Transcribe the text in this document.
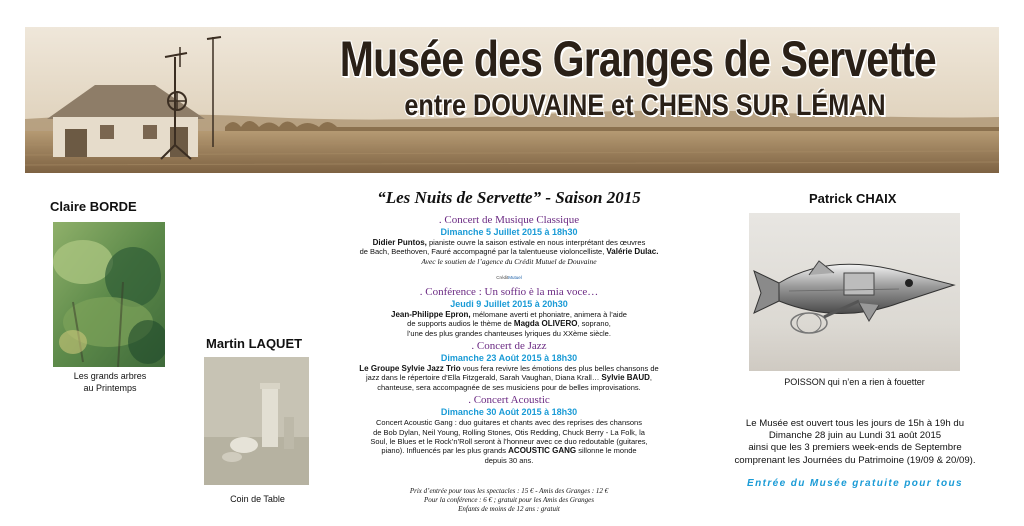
Musée des Granges de Servette
entre DOUVAINE et CHENS SUR LÉMAN
Claire BORDE
Les grands arbres
au Printemps
Martin LAQUET
Coin de Table
“Les Nuits de Servette” - Saison 2015
. Concert de Musique Classique
Dimanche 5 Juillet 2015 à 18h30
Didier Puntos, pianiste ouvre la saison estivale en nous interprétant des œuvres
de Bach, Beethoven, Fauré accompagné par la talentueuse violoncelliste, Valérie Dulac.
Avec le soutien de l’agence du Crédit Mutuel de Douvaine
CréditMutuel
. Conférence : Un soffio è la mia voce…
Jeudi 9 Juillet 2015 à 20h30
Jean-Philippe Epron, mélomane averti et phoniatre, animera à l’aide
de supports audios le thème de Magda OLIVERO, soprano,
l’une des plus grandes chanteuses lyriques du XXème siècle.
. Concert de Jazz
Dimanche 23 Août 2015 à 18h30
Le Groupe Sylvie Jazz Trio vous fera revivre les émotions des plus belles chansons de
jazz dans le répertoire d’Ella Fitzgerald, Sarah Vaughan, Diana Krall… Sylvie BAUD,
chanteuse, sera accompagnée de ses musiciens pour de belles improvisations.
. Concert Acoustic
Dimanche 30 Août 2015 à 18h30
Concert Acoustic Gang : duo guitares et chants avec des reprises des chansons
de Bob Dylan, Neil Young, Rolling Stones, Otis Redding, Chuck Berry - La Folk, la
Soul, le Blues et le Rock’n’Roll seront à l’honneur avec ce duo redoutable (guitares,
piano). Influencés par les plus grands ACOUSTIC GANG sillonne le monde
depuis 30 ans.
Prix d’entrée pour tous les spectacles : 15 € - Amis des Granges : 12 €
Pour la conférence : 6 € ; gratuit pour les Amis des Granges
Enfants de moins de 12 ans : gratuit
Patrick CHAIX
POISSON qui n’en a rien à fouetter
Le Musée est ouvert tous les jours de 15h à 19h du
Dimanche 28 juin au Lundi 31 août 2015
ainsi que les 3 premiers week-ends de Septembre
comprenant les Journées du Patrimoine (19/09 & 20/09).
Entrée du Musée gratuite pour tous
